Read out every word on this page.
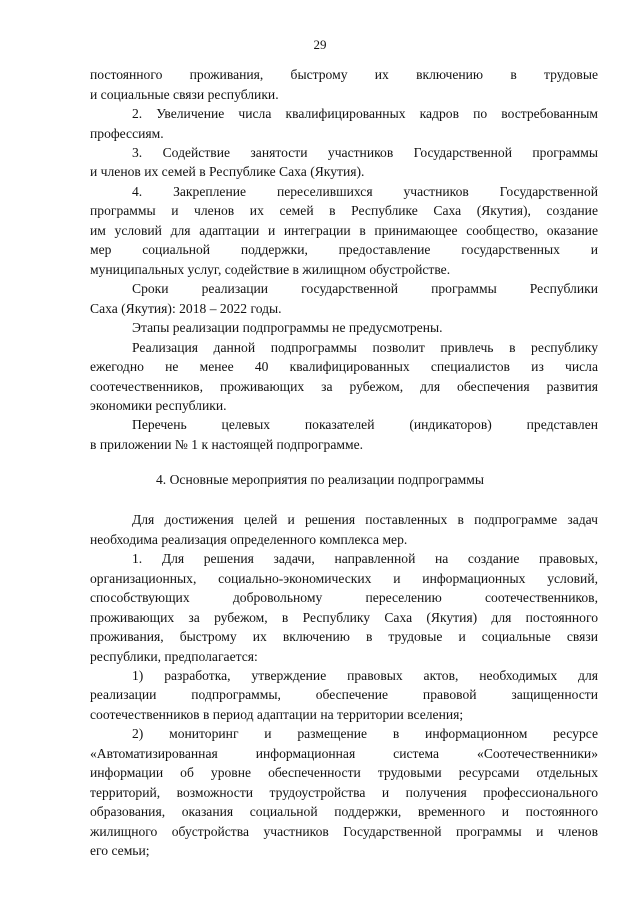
29
постоянного проживания, быстрому их включению в трудовые
и социальные связи республики.
2. Увеличение числа квалифицированных кадров по востребованным
профессиям.
3. Содействие занятости участников Государственной программы
и членов их семей в Республике Саха (Якутия).
4. Закрепление переселившихся участников Государственной
программы и членов их семей в Республике Саха (Якутия), создание
им условий для адаптации и интеграции в принимающее сообщество, оказание
мер социальной поддержки, предоставление государственных и
муниципальных услуг, содействие в жилищном обустройстве.
Сроки реализации государственной программы Республики
Саха (Якутия): 2018 – 2022 годы.
Этапы реализации подпрограммы не предусмотрены.
Реализация данной подпрограммы позволит привлечь в республику
ежегодно не менее 40 квалифицированных специалистов из числа
соотечественников, проживающих за рубежом, для обеспечения развития
экономики республики.
Перечень целевых показателей (индикаторов) представлен
в приложении № 1 к настоящей подпрограмме.
4. Основные мероприятия по реализации подпрограммы
Для достижения целей и решения поставленных в подпрограмме задач
необходима реализация определенного комплекса мер.
1. Для решения задачи, направленной на создание правовых,
организационных, социально-экономических и информационных условий,
способствующих добровольному переселению соотечественников,
проживающих за рубежом, в Республику Саха (Якутия) для постоянного
проживания, быстрому их включению в трудовые и социальные связи
республики, предполагается:
1) разработка, утверждение правовых актов, необходимых для
реализации подпрограммы, обеспечение правовой защищенности
соотечественников в период адаптации на территории вселения;
2) мониторинг и размещение в информационном ресурсе
«Автоматизированная информационная система «Соотечественники»
информации об уровне обеспеченности трудовыми ресурсами отдельных
территорий, возможности трудоустройства и получения профессионального
образования, оказания социальной поддержки, временного и постоянного
жилищного обустройства участников Государственной программы и членов
его семьи;
